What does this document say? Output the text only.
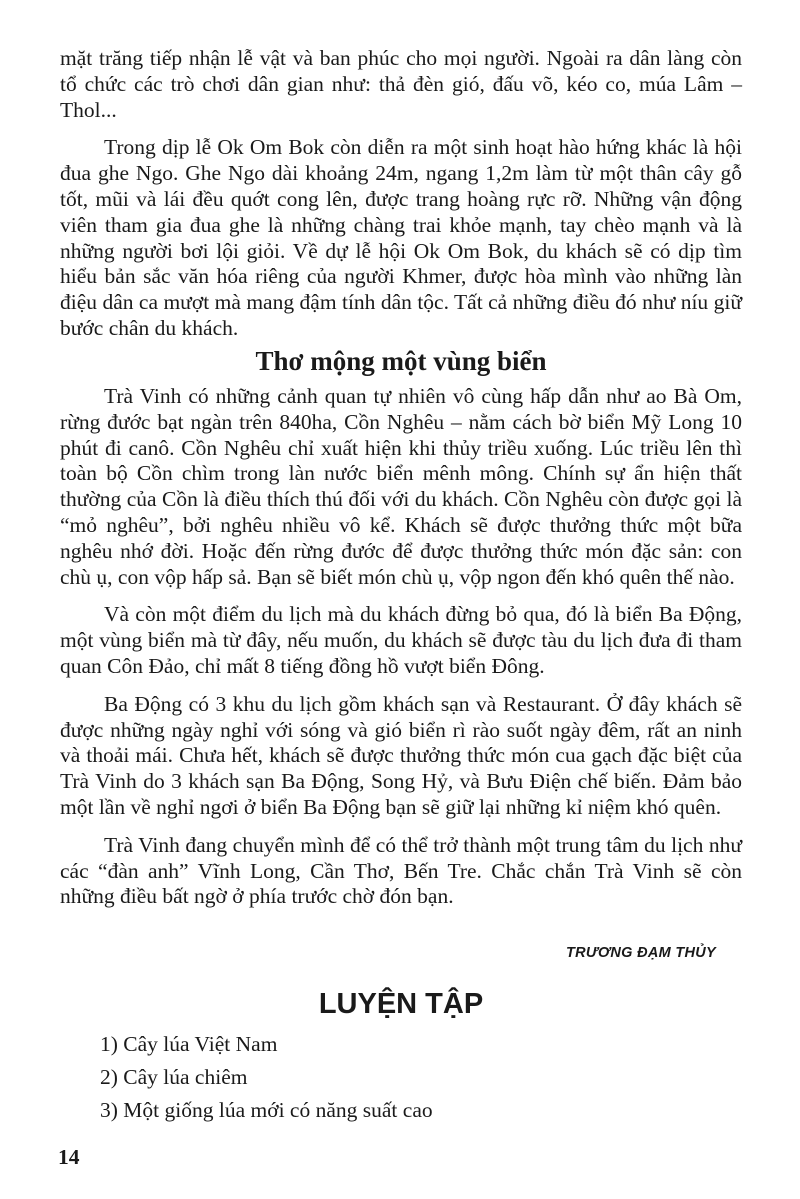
mặt trăng tiếp nhận lễ vật và ban phúc cho mọi người. Ngoài ra dân làng còn tổ chức các trò chơi dân gian như: thả đèn gió, đấu võ, kéo co, múa Lâm – Thol...

Trong dịp lễ Ok Om Bok còn diễn ra một sinh hoạt hào hứng khác là hội đua ghe Ngo. Ghe Ngo dài khoảng 24m, ngang 1,2m làm từ một thân cây gỗ tốt, mũi và lái đều quớt cong lên, được trang hoàng rực rỡ. Những vận động viên tham gia đua ghe là những chàng trai khỏe mạnh, tay chèo mạnh và là những người bơi lội giỏi. Về dự lễ hội Ok Om Bok, du khách sẽ có dịp tìm hiểu bản sắc văn hóa riêng của người Khmer, được hòa mình vào những làn điệu dân ca mượt mà mang đậm tính dân tộc. Tất cả những điều đó như níu giữ bước chân du khách.

Thơ mộng một vùng biển

Trà Vinh có những cảnh quan tự nhiên vô cùng hấp dẫn như ao Bà Om, rừng đước bạt ngàn trên 840ha, Cồn Nghêu – nằm cách bờ biển Mỹ Long 10 phút đi canô. Cồn Nghêu chỉ xuất hiện khi thủy triều xuống. Lúc triều lên thì toàn bộ Cồn chìm trong làn nước biển mênh mông. Chính sự ẩn hiện thất thường của Cồn là điều thích thú đối với du khách. Cồn Nghêu còn được gọi là “mỏ nghêu”, bởi nghêu nhiều vô kể. Khách sẽ được thưởng thức một bữa nghêu nhớ đời. Hoặc đến rừng đước để được thưởng thức món đặc sản: con chù ụ, con vộp hấp sả. Bạn sẽ biết món chù ụ, vộp ngon đến khó quên thế nào.

Và còn một điểm du lịch mà du khách đừng bỏ qua, đó là biển Ba Động, một vùng biển mà từ đây, nếu muốn, du khách sẽ được tàu du lịch đưa đi tham quan Côn Đảo, chỉ mất 8 tiếng đồng hồ vượt biển Đông.

Ba Động có 3 khu du lịch gồm khách sạn và Restaurant. Ở đây khách sẽ được những ngày nghỉ với sóng và gió biển rì rào suốt ngày đêm, rất an ninh và thoải mái. Chưa hết, khách sẽ được thưởng thức món cua gạch đặc biệt của Trà Vinh do 3 khách sạn Ba Động, Song Hỷ, và Bưu Điện chế biến. Đảm bảo một lần về nghỉ ngơi ở biển Ba Động bạn sẽ giữ lại những kỉ niệm khó quên.

Trà Vinh đang chuyển mình để có thể trở thành một trung tâm du lịch như các “đàn anh” Vĩnh Long, Cần Thơ, Bến Tre. Chắc chắn Trà Vinh sẽ còn những điều bất ngờ ở phía trước chờ đón bạn.

TRƯƠNG ĐẠM THỦY
LUYỆN TẬP
1) Cây lúa Việt Nam
2) Cây lúa chiêm
3) Một giống lúa mới có năng suất cao
14
